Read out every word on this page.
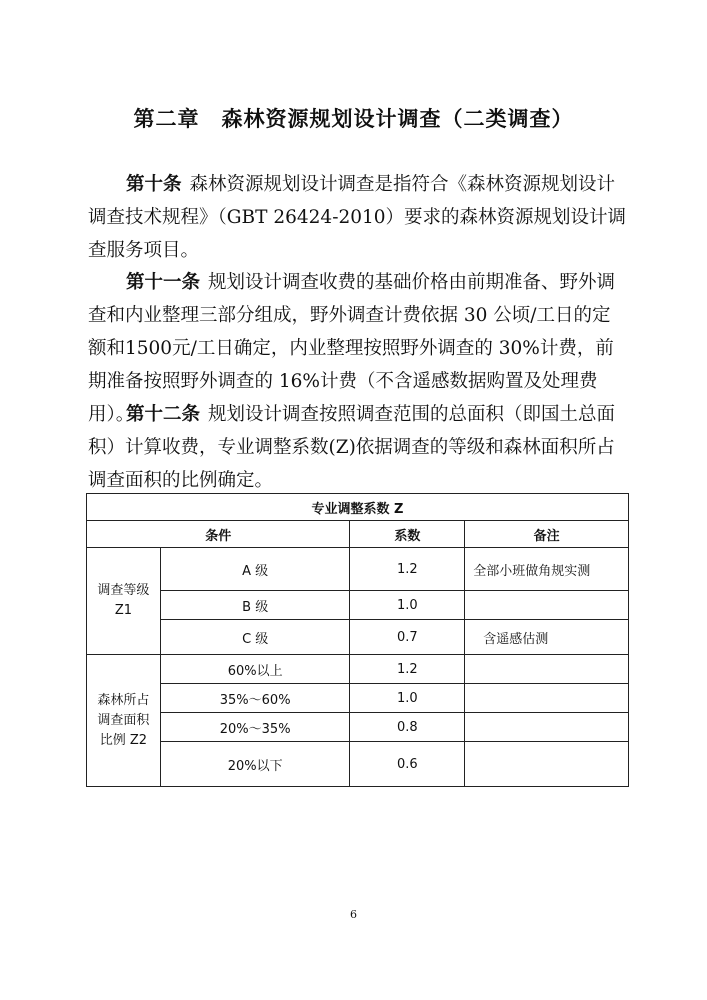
第二章　森林资源规划设计调查（二类调查）

第十条 森林资源规划设计调查是指符合《森林资源规划设计调查技术规程》（GBT 26424-2010）要求的森林资源规划设计调查服务项目。

第十一条 规划设计调查收费的基础价格由前期准备、野外调查和内业整理三部分组成，野外调查计费依据 30 公顷/工日的定额和1500元/工日确定，内业整理按照野外调查的 30%计费，前期准备按照野外调查的 16%计费（不含遥感数据购置及处理费用）。

第十二条 规划设计调查按照调查范围的总面积（即国土总面积）计算收费，专业调整系数(Z)依据调查的等级和森林面积所占调查面积的比例确定。

专业调整系数 Z			
条件		系数	备注
调查等级
Z1	A 级	1.2	全部小班做角规实测
	B 级	1.0	
	C 级	0.7	含遥感估测
森林所占
调查面积
比例 Z2	60%以上	1.2	
	35%～60%	1.0	
	20%～35%	0.8	
	20%以下	0.6	
6
